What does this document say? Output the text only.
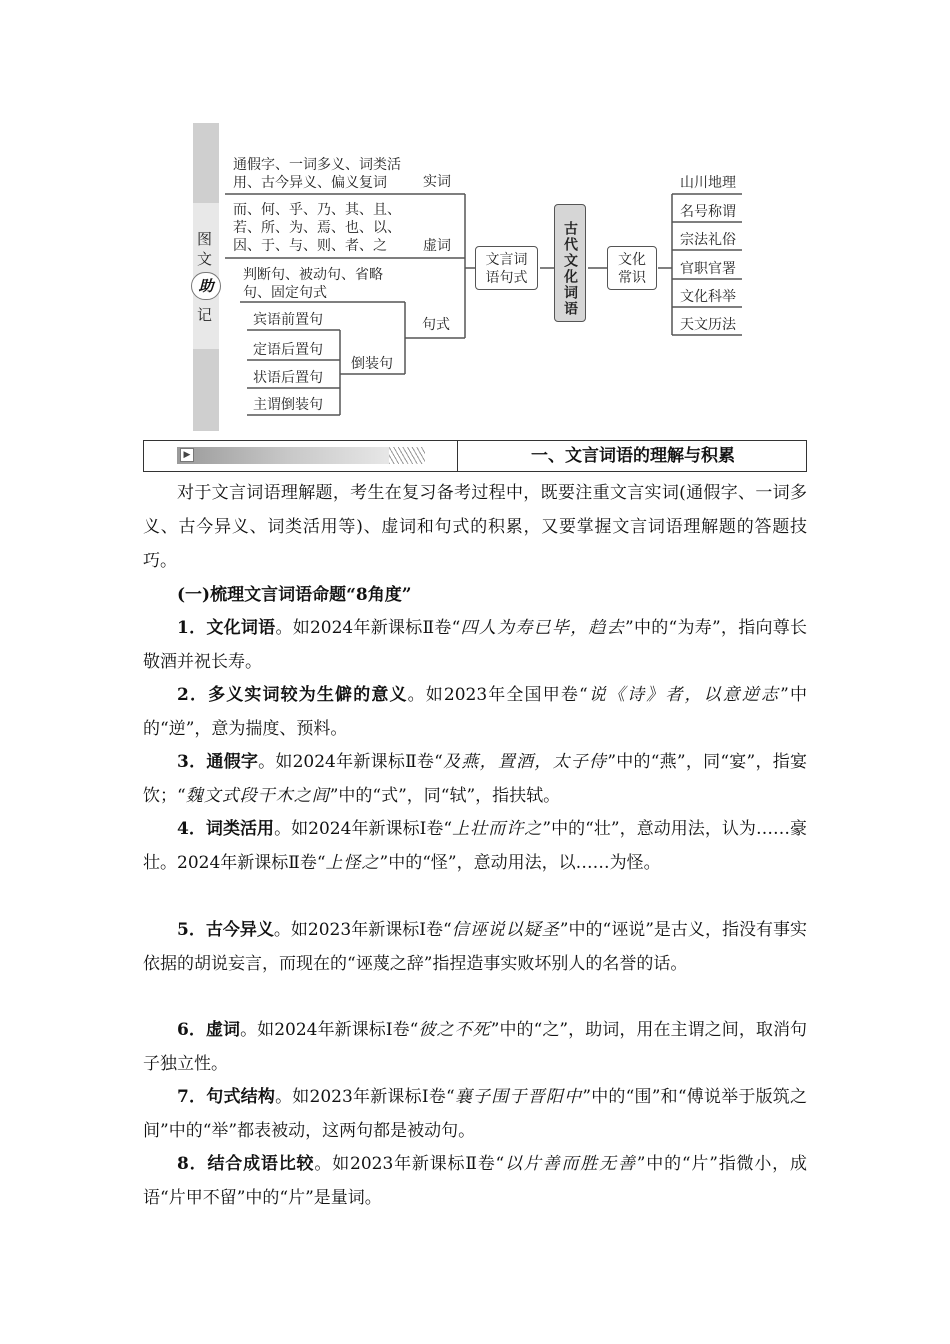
图
文
助
记
通假字、一词多义、词类活
用、古今异义、偏义复词	实词
而、何、乎、乃、其、且、
若、所、为、焉、也、以、
因、于、与、则、者、之	虚词
判断句、被动句、省略
句、固定句式
句式
宾语前置句
定语后置句
状语后置句
主谓倒装句
倒装句
文言词
语句式	古代文化词语	文化
常识
山川地理
名号称谓
宗法礼俗
官职官署
文化科举
天文历法
▶	一、文言词语的理解与积累
对于文言词语理解题，考生在复习备考过程中，既要注重文言实词(通假字、一词多义、古今异义、词类活用等)、虚词和句式的积累，又要掌握文言词语理解题的答题技巧。
(一)梳理文言词语命题“8角度”
1．文化词语。如2024年新课标Ⅱ卷“四人为寿已毕，趋去”中的“为寿”，指向尊长敬酒并祝长寿。
2．多义实词较为生僻的意义。如2023年全国甲卷“说《诗》者，以意逆志”中的“逆”，意为揣度、预料。
3．通假字。如2024年新课标Ⅱ卷“及燕，置酒，太子侍”中的“燕”，同“宴”，指宴饮；“魏文式段干木之闾”中的“式”，同“轼”，指扶轼。
4．词类活用。如2024年新课标Ⅰ卷“上壮而许之”中的“壮”，意动用法，认为……豪壮。2024年新课标Ⅱ卷“上怪之”中的“怪”，意动用法，以……为怪。
5．古今异义。如2023年新课标Ⅰ卷“信诬说以疑圣”中的“诬说”是古义，指没有事实依据的胡说妄言，而现在的“诬蔑之辞”指捏造事实败坏别人的名誉的话。
6．虚词。如2024年新课标Ⅰ卷“彼之不死”中的“之”，助词，用在主谓之间，取消句子独立性。
7．句式结构。如2023年新课标Ⅰ卷“襄子围于晋阳中”中的“围”和“傅说举于版筑之间”中的“举”都表被动，这两句都是被动句。
8．结合成语比较。如2023年新课标Ⅱ卷“以片善而胜无善”中的“片”指微小，成语“片甲不留”中的“片”是量词。
